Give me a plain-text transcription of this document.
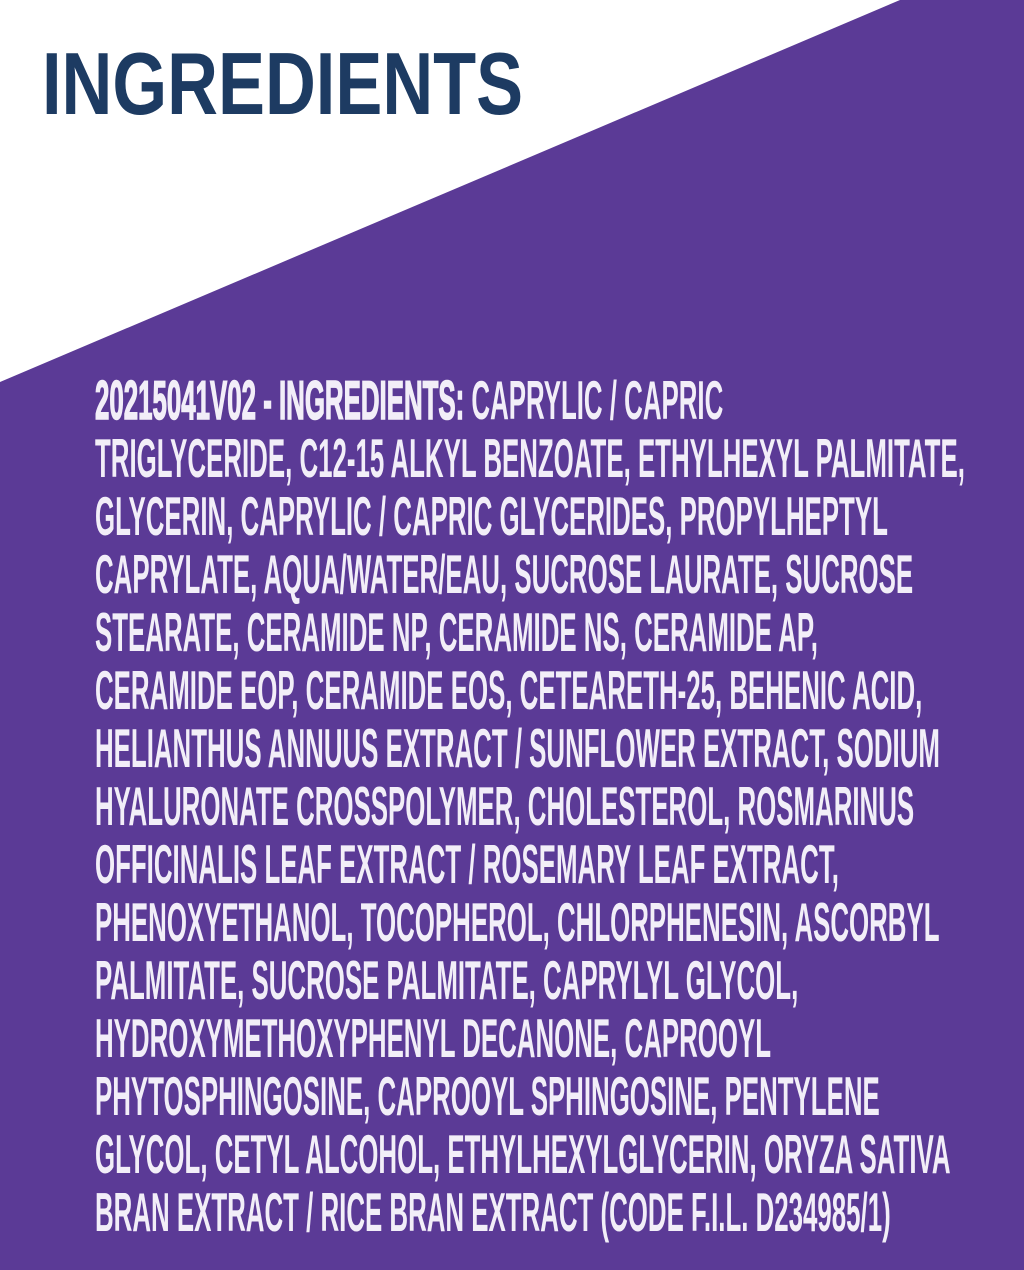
INGREDIENTS
20215041V02 - INGREDIENTS: CAPRYLIC / CAPRIC
TRIGLYCERIDE, C12-15 ALKYL BENZOATE, ETHYLHEXYL PALMITATE,
GLYCERIN, CAPRYLIC / CAPRIC GLYCERIDES, PROPYLHEPTYL
CAPRYLATE, AQUA/WATER/EAU, SUCROSE LAURATE, SUCROSE
STEARATE, CERAMIDE NP, CERAMIDE NS, CERAMIDE AP,
CERAMIDE EOP, CERAMIDE EOS, CETEARETH-25, BEHENIC ACID,
HELIANTHUS ANNUUS EXTRACT / SUNFLOWER EXTRACT, SODIUM
HYALURONATE CROSSPOLYMER, CHOLESTEROL, ROSMARINUS
OFFICINALIS LEAF EXTRACT / ROSEMARY LEAF EXTRACT,
PHENOXYETHANOL, TOCOPHEROL, CHLORPHENESIN, ASCORBYL
PALMITATE, SUCROSE PALMITATE, CAPRYLYL GLYCOL,
HYDROXYMETHOXYPHENYL DECANONE, CAPROOYL
PHYTOSPHINGOSINE, CAPROOYL SPHINGOSINE, PENTYLENE
GLYCOL, CETYL ALCOHOL, ETHYLHEXYLGLYCERIN, ORYZA SATIVA
BRAN EXTRACT / RICE BRAN EXTRACT (CODE F.I.L. D234985/1)
